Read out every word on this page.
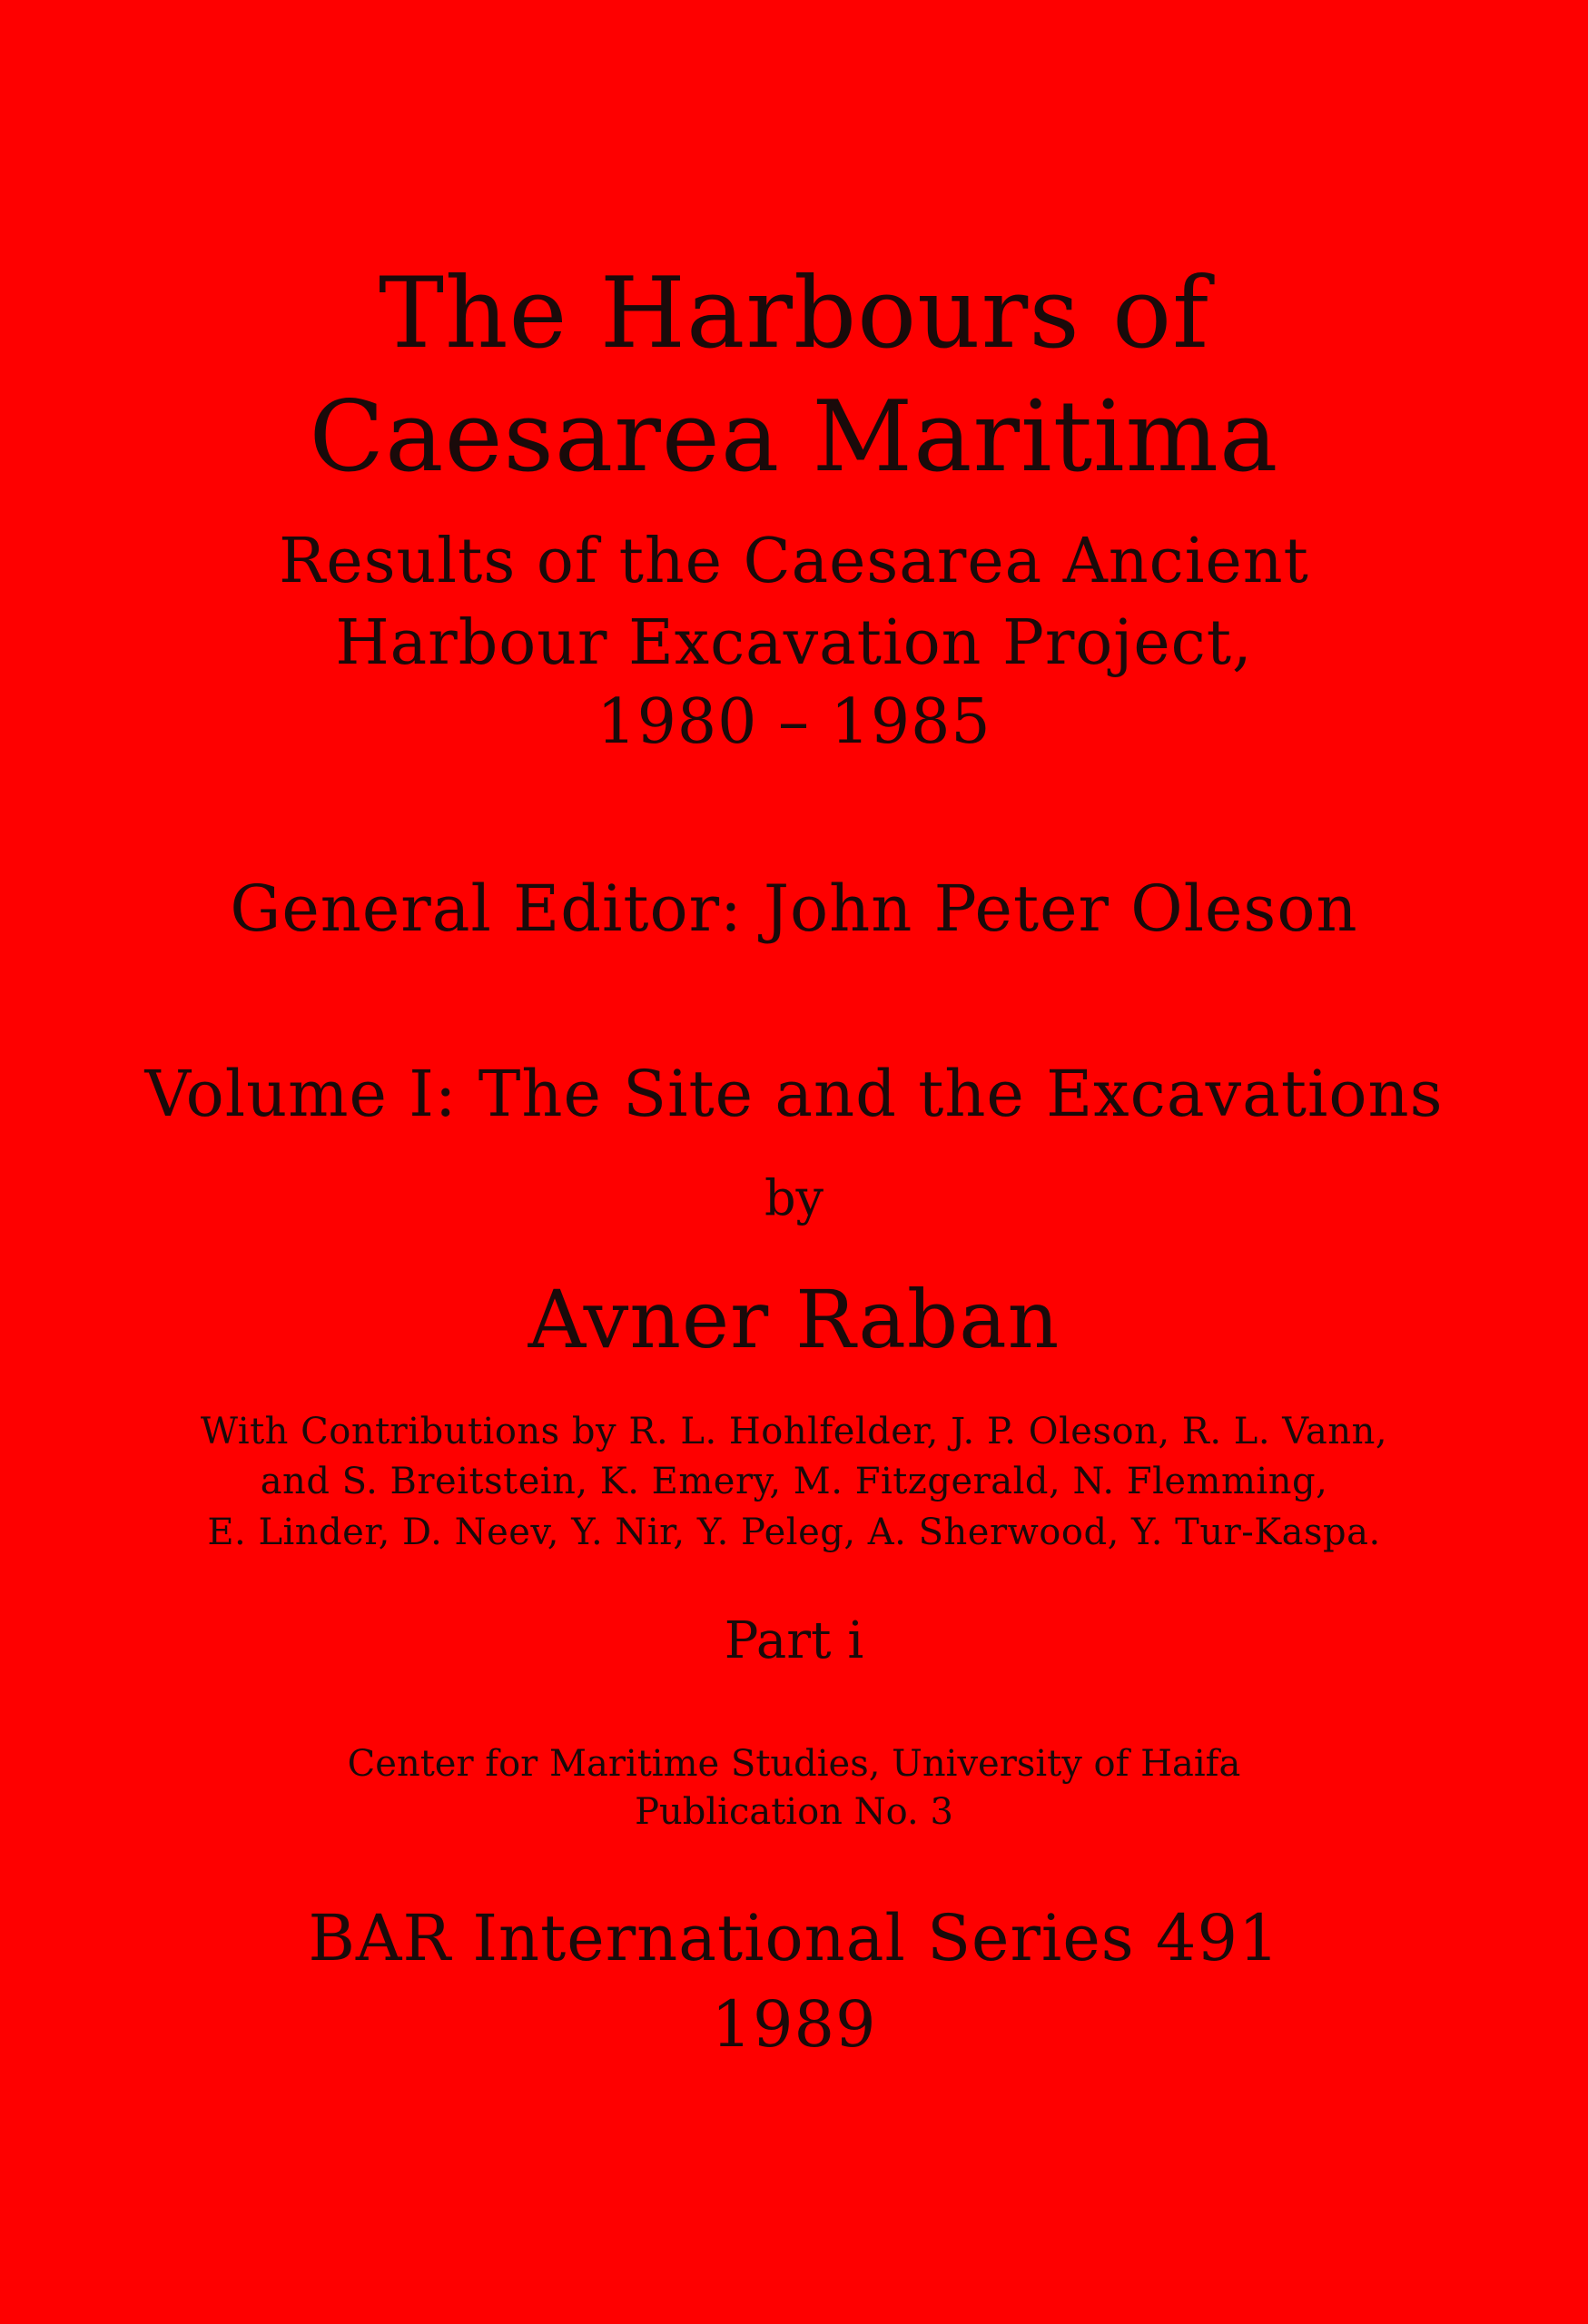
The Harbours of
Caesarea Maritima

Results of the Caesarea Ancient

Harbour Excavation Project,

1980 – 1985

General Editor: John Peter Oleson

Volume I: The Site and the Excavations

by

Avner Raban

With Contributions by R. L. Hohlfelder, J. P. Oleson, R. L. Vann,

and S. Breitstein, K. Emery, M. Fitzgerald, N. Flemming,

E. Linder, D. Neev, Y. Nir, Y. Peleg, A. Sherwood, Y. Tur-Kaspa.

Part i

Center for Maritime Studies, University of Haifa

Publication No. 3

BAR International Series 491

1989
